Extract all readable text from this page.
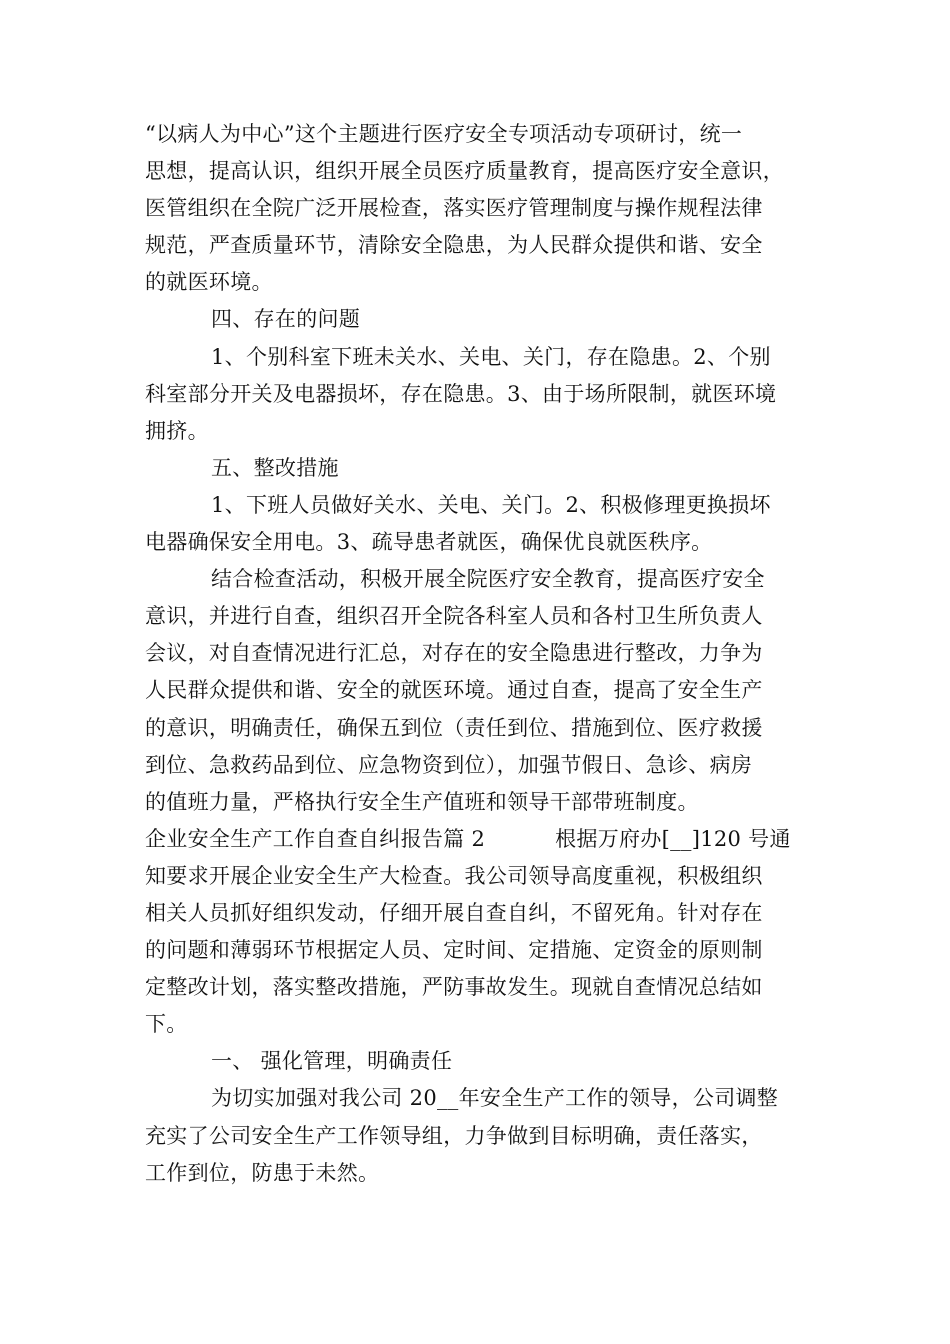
“以病人为中心”这个主题进行医疗安全专项活动专项研讨，统一
思想，提高认识，组织开展全员医疗质量教育，提高医疗安全意识，
医管组织在全院广泛开展检查，落实医疗管理制度与操作规程法律
规范，严查质量环节，清除安全隐患，为人民群众提供和谐、安全
的就医环境。
四、存在的问题
1、个别科室下班未关水、关电、关门，存在隐患。2、个别
科室部分开关及电器损坏，存在隐患。3、由于场所限制，就医环境
拥挤。
五、整改措施
1、下班人员做好关水、关电、关门。2、积极修理更换损坏
电器确保安全用电。3、疏导患者就医，确保优良就医秩序。
结合检查活动，积极开展全院医疗安全教育，提高医疗安全
意识，并进行自查，组织召开全院各科室人员和各村卫生所负责人
会议，对自查情况进行汇总，对存在的安全隐患进行整改，力争为
人民群众提供和谐、安全的就医环境。通过自查，提高了安全生产
的意识，明确责任，确保五到位（责任到位、措施到位、医疗救援
到位、急救药品到位、应急物资到位），加强节假日、急诊、病房
的值班力量，严格执行安全生产值班和领导干部带班制度。
企业安全生产工作自查自纠报告篇 2	根据万府办[__]120 号通
知要求开展企业安全生产大检查。我公司领导高度重视，积极组织
相关人员抓好组织发动，仔细开展自查自纠，不留死角。针对存在
的问题和薄弱环节根据定人员、定时间、定措施、定资金的原则制
定整改计划，落实整改措施，严防事故发生。现就自查情况总结如
下。
一、 强化管理，明确责任
为切实加强对我公司 20__年安全生产工作的领导，公司调整
充实了公司安全生产工作领导组，力争做到目标明确，责任落实，
工作到位，防患于未然。
